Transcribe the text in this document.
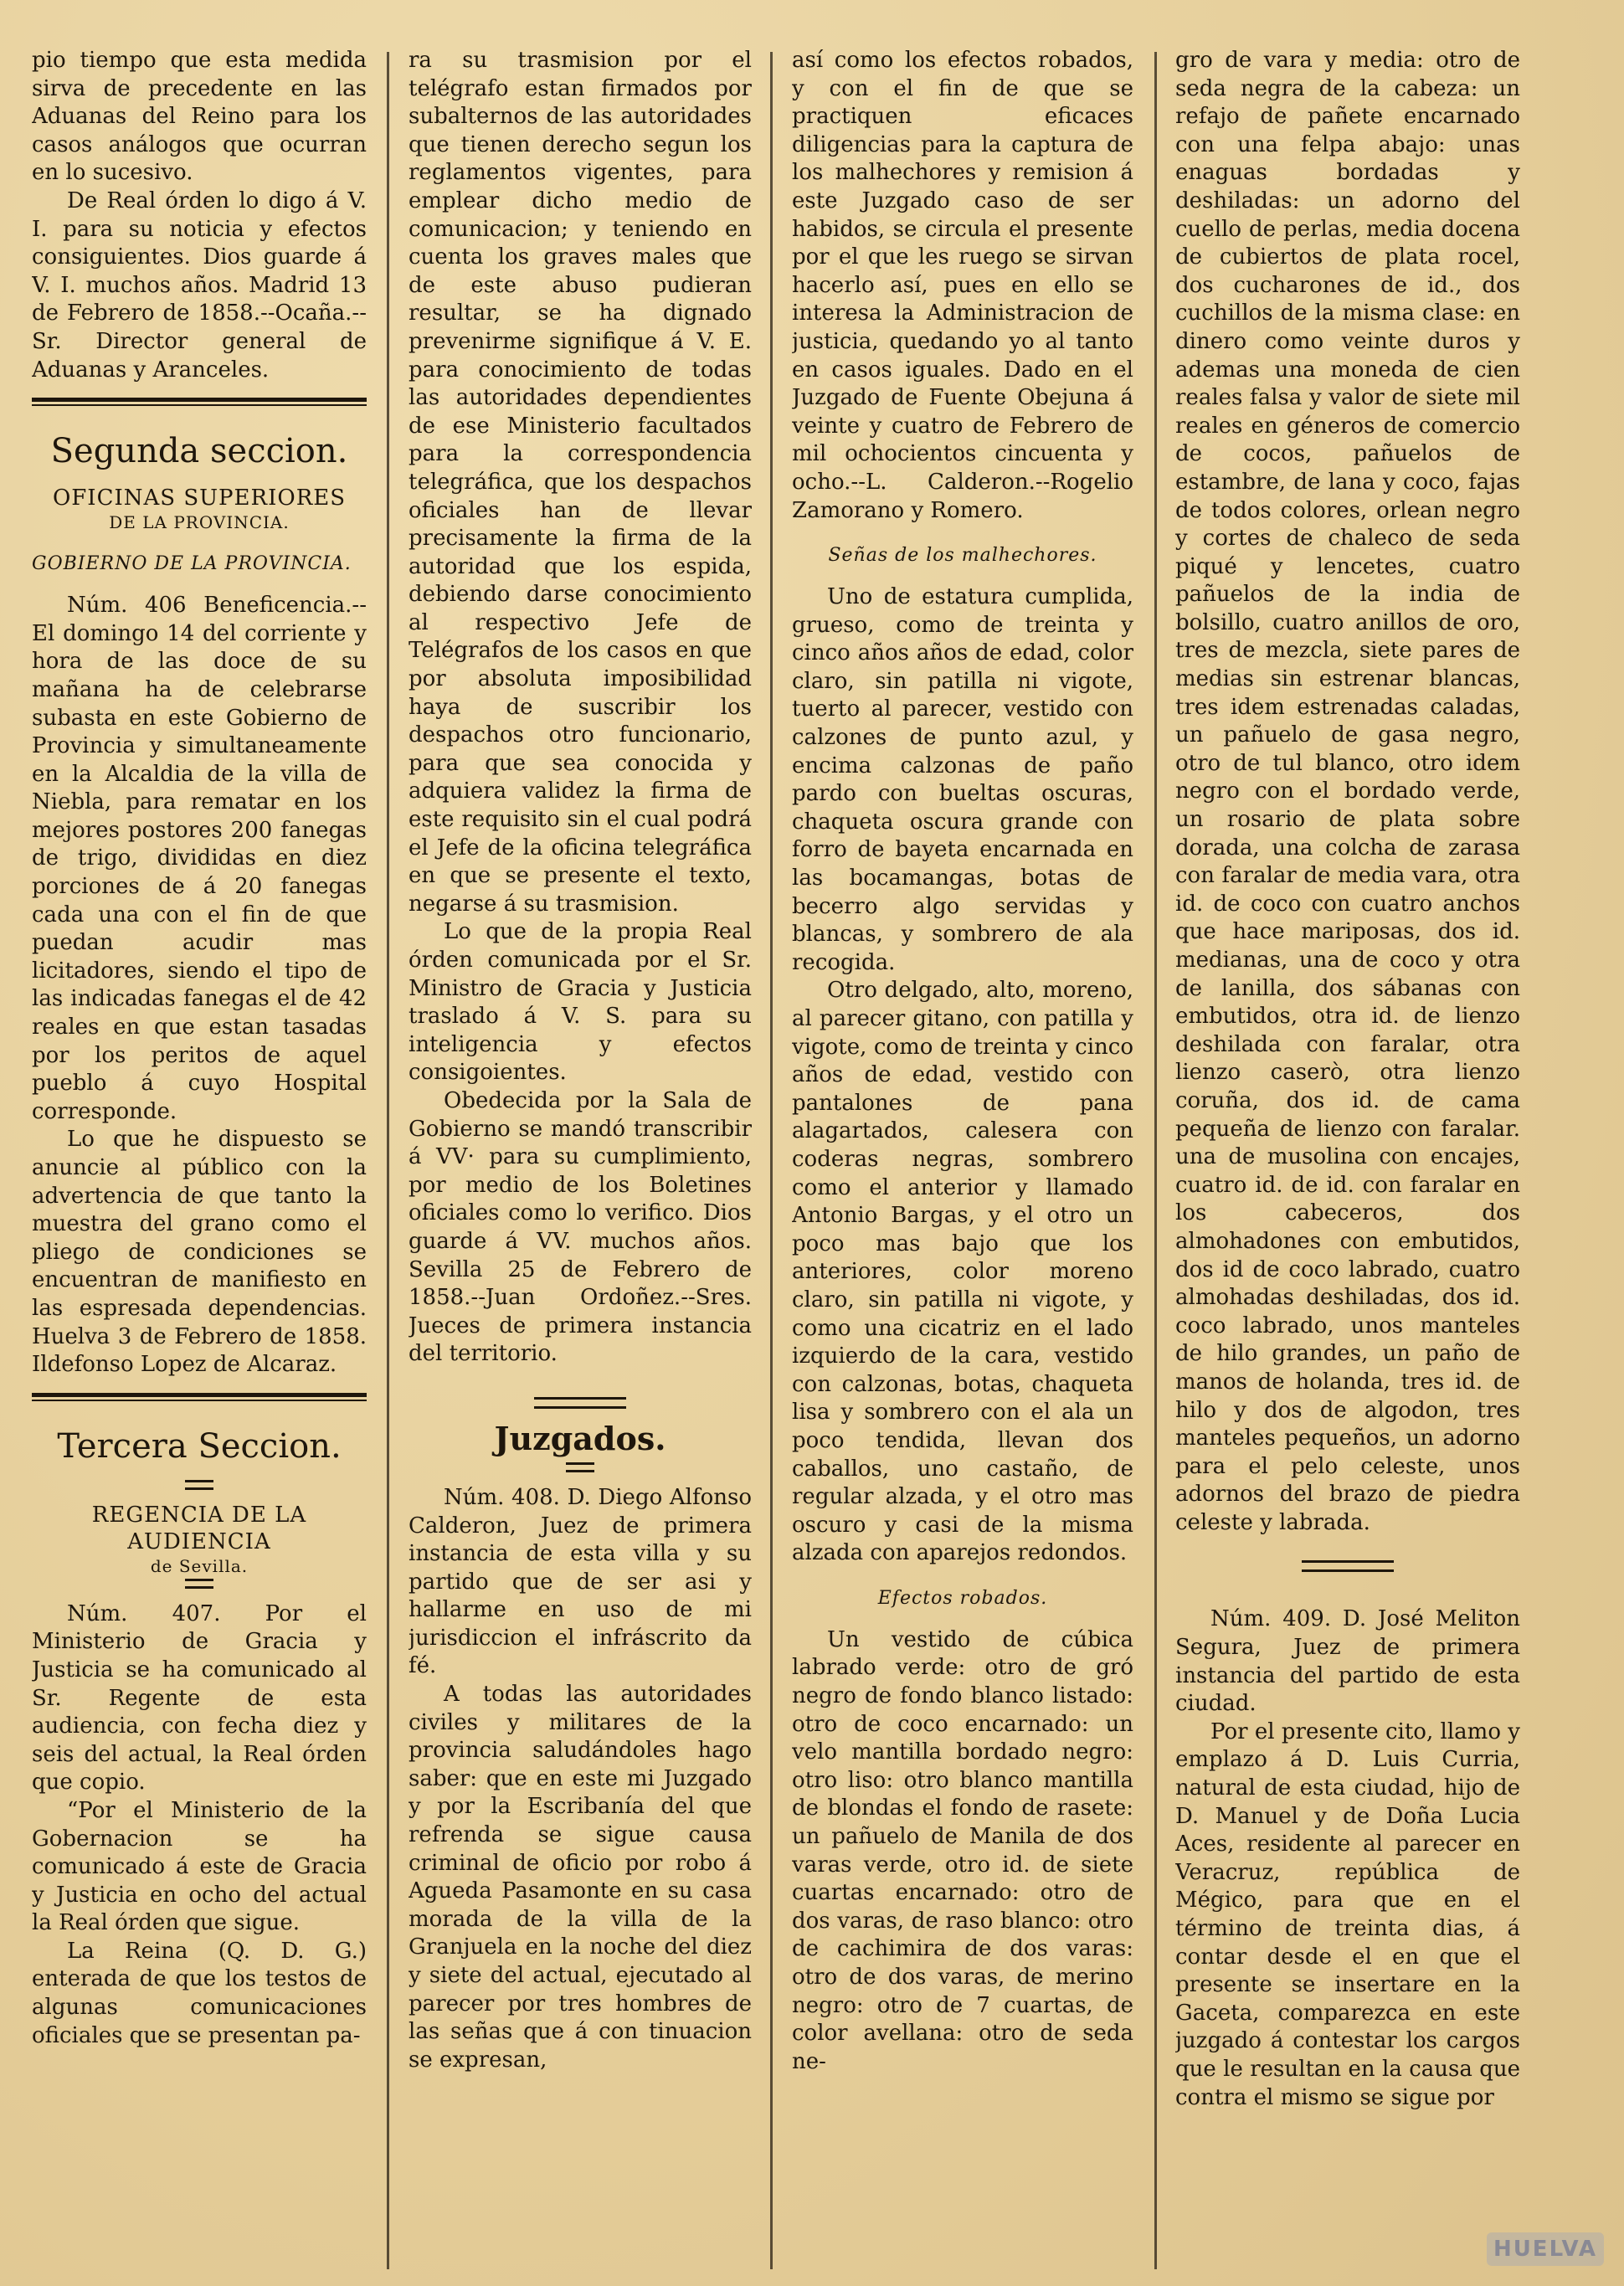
pio tiempo que esta medida sirva de precedente en las Aduanas del Reino para los casos análogos que ocurran en lo sucesivo.

De Real órden lo digo á V. I. para su noticia y efectos consiguientes. Dios guarde á V. I. muchos años. Madrid 13 de Febrero de 1858.--Ocaña.--Sr. Director general de Aduanas y Aranceles.

Segunda seccion.
OFICINAS SUPERIORES
DE LA PROVINCIA.
GOBIERNO DE LA PROVINCIA.

Núm. 406 Beneficencia.--El domingo 14 del corriente y hora de las doce de su mañana ha de celebrarse subasta en este Gobierno de Provincia y simultaneamente en la Alcaldia de la villa de Niebla, para rematar en los mejores postores 200 fanegas de trigo, divididas en diez porciones de á 20 fanegas cada una con el fin de que puedan acudir mas licitadores, siendo el tipo de las indicadas fanegas el de 42 reales en que estan tasadas por los peritos de aquel pueblo á cuyo Hospital corresponde.

Lo que he dispuesto se anuncie al público con la advertencia de que tanto la muestra del grano como el pliego de condiciones se encuentran de manifiesto en las espresada dependencias. Huelva 3 de Febrero de 1858. Ildefonso Lopez de Alcaraz.

Tercera Seccion.
REGENCIA DE LA AUDIENCIA
de Sevilla.

Núm. 407. Por el Ministerio de Gracia y Justicia se ha comunicado al Sr. Regente de esta audiencia, con fecha diez y seis del actual, la Real órden que copio.

“Por el Ministerio de la Gobernacion se ha comunicado á este de Gracia y Justicia en ocho del actual la Real órden que sigue.

La Reina (Q. D. G.) enterada de que los testos de algunas comunicaciones oficiales que se presentan pa-

ra su trasmision por el telégrafo estan firmados por subalternos de las autoridades que tienen derecho segun los reglamentos vigentes, para emplear dicho medio de comunicacion; y teniendo en cuenta los graves males que de este abuso pudieran resultar, se ha dignado prevenirme signifique á V. E. para conocimiento de todas las autoridades dependientes de ese Ministerio facultados para la correspondencia telegráfica, que los despachos oficiales han de llevar precisamente la firma de la autoridad que los espida, debiendo darse conocimiento al respectivo Jefe de Telégrafos de los casos en que por absoluta imposibilidad haya de suscribir los despachos otro funcionario, para que sea conocida y adquiera validez la firma de este requisito sin el cual podrá el Jefe de la oficina telegráfica en que se presente el texto, negarse á su trasmision.

Lo que de la propia Real órden comunicada por el Sr. Ministro de Gracia y Justicia traslado á V. S. para su inteligencia y efectos consigoientes.

Obedecida por la Sala de Gobierno se mandó transcribir á VV· para su cumplimiento, por medio de los Boletines oficiales como lo verifico. Dios guarde á VV. muchos años. Sevilla 25 de Febrero de 1858.--Juan Ordoñez.--Sres. Jueces de primera instancia del territorio.

Juzgados.

Núm. 408. D. Diego Alfonso Calderon, Juez de primera instancia de esta villa y su partido que de ser asi y hallarme en uso de mi jurisdiccion el infráscrito da fé.

A todas las autoridades civiles y militares de la provincia saludándoles hago saber: que en este mi Juzgado y por la Escribanía del que refrenda se sigue causa criminal de oficio por robo á Agueda Pasamonte en su casa morada de la villa de la Granjuela en la noche del diez y siete del actual, ejecutado al parecer por tres hombres de las señas que á con tinuacion se expresan,

así como los efectos robados, y con el fin de que se practiquen eficaces diligencias para la captura de los malhechores y remision á este Juzgado caso de ser habidos, se circula el presente por el que les ruego se sirvan hacerlo así, pues en ello se interesa la Administracion de justicia, quedando yo al tanto en casos iguales. Dado en el Juzgado de Fuente Obejuna á veinte y cuatro de Febrero de mil ochocientos cincuenta y ocho.--L. Calderon.--Rogelio Zamorano y Romero.

Señas de los malhechores.

Uno de estatura cumplida, grueso, como de treinta y cinco años años de edad, color claro, sin patilla ni vigote, tuerto al parecer, vestido con calzones de punto azul, y encima calzonas de paño pardo con bueltas oscuras, chaqueta oscura grande con forro de bayeta encarnada en las bocamangas, botas de becerro algo servidas y blancas, y sombrero de ala recogida.

Otro delgado, alto, moreno, al parecer gitano, con patilla y vigote, como de treinta y cinco años de edad, vestido con pantalones de pana alagartados, calesera con coderas negras, sombrero como el anterior y llamado Antonio Bargas, y el otro un poco mas bajo que los anteriores, color moreno claro, sin patilla ni vigote, y como una cicatriz en el lado izquierdo de la cara, vestido con calzonas, botas, chaqueta lisa y sombrero con el ala un poco tendida, llevan dos caballos, uno castaño, de regular alzada, y el otro mas oscuro y casi de la misma alzada con aparejos redondos.

Efectos robados.

Un vestido de cúbica labrado verde: otro de gró negro de fondo blanco listado: otro de coco encarnado: un velo mantilla bordado negro: otro liso: otro blanco mantilla de blondas el fondo de rasete: un pañuelo de Manila de dos varas verde, otro id. de siete cuartas encarnado: otro de dos varas, de raso blanco: otro de cachimira de dos varas: otro de dos varas, de merino negro: otro de 7 cuartas, de color avellana: otro de seda ne-

gro de vara y media: otro de seda negra de la cabeza: un refajo de pañete encarnado con una felpa abajo: unas enaguas bordadas y deshiladas: un adorno del cuello de perlas, media docena de cubiertos de plata rocel, dos cucharones de id., dos cuchillos de la misma clase: en dinero como veinte duros y ademas una moneda de cien reales falsa y valor de siete mil reales en géneros de comercio de cocos, pañuelos de estambre, de lana y coco, fajas de todos colores, orlean negro y cortes de chaleco de seda piqué y lencetes, cuatro pañuelos de la india de bolsillo, cuatro anillos de oro, tres de mezcla, siete pares de medias sin estrenar blancas, tres idem estrenadas caladas, un pañuelo de gasa negro, otro de tul blanco, otro idem negro con el bordado verde, un rosario de plata sobre dorada, una colcha de zarasa con faralar de media vara, otra id. de coco con cuatro anchos que hace mariposas, dos id. medianas, una de coco y otra de lanilla, dos sábanas con embutidos, otra id. de lienzo deshilada con faralar, otra lienzo caserò, otra lienzo coruña, dos id. de cama pequeña de lienzo con faralar. una de musolina con encajes, cuatro id. de id. con faralar en los cabeceros, dos almohadones con embutidos, dos id de coco labrado, cuatro almohadas deshiladas, dos id. coco labrado, unos manteles de hilo grandes, un paño de manos de holanda, tres id. de hilo y dos de algodon, tres manteles pequeños, un adorno para el pelo celeste, unos adornos del brazo de piedra celeste y labrada.

Núm. 409. D. José Meliton Segura, Juez de primera instancia del partido de esta ciudad.

Por el presente cito, llamo y emplazo á D. Luis Curria, natural de esta ciudad, hijo de D. Manuel y de Doña Lucia Aces, residente al parecer en Veracruz, república de Mégico, para que en el término de treinta dias, á contar desde el en que el presente se insertare en la Gaceta, comparezca en este juzgado á contestar los cargos que le resultan en la causa que contra el mismo se sigue por

HUELVA
